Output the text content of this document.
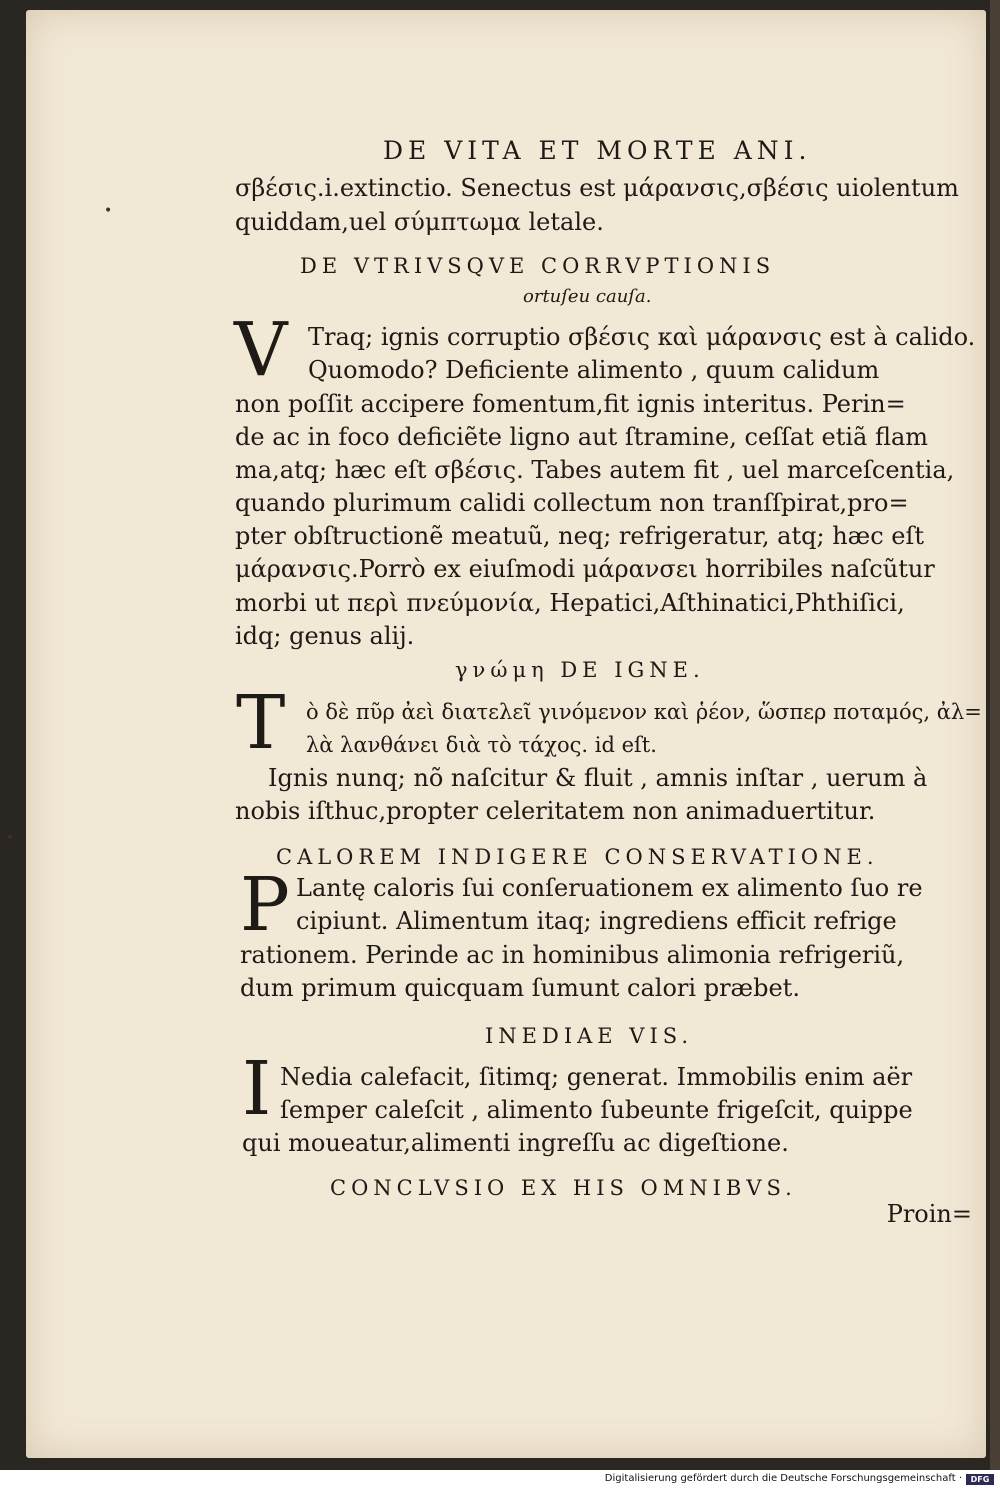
•
•
DE VITA ET MORTE ANI.
σβέσις.i.extinctio. Senectus est μάρανσις,σβέσις uiolentum
quiddam,uel σύμπτωμα letale.
DE VTRIVSQVE CORRVPTIONIS
ortuſeu cauſa.
V Traq; ignis corruptio σβέσις καὶ μάρανσις est à calido.
Quomodo? Deficiente alimento , quum calidum
non poſſit accipere fomentum,fit ignis interitus. Perin=
de ac in foco deficiẽte ligno aut ſtramine, ceſſat etiã flam
ma,atq; hæc eſt σβέσις. Tabes autem fit , uel marceſcentia,
quando plurimum calidi collectum non tranſſpirat,pro=
pter obſtructionẽ meatuũ, neq; refrigeratur, atq; hæc eſt
μάρανσις.Porrò ex eiuſmodi μάρανσει horribiles naſcũtur
morbi ut περὶ πνεύμονία, Hepatici,Aſthinatici,Phthiſici,
idq; genus alij.
γνώμη DE IGNE.
T ὸ δὲ πῦρ ἀεὶ διατελεῖ γινόμενον καὶ ῥέον, ὥσπερ ποταμός, ἀλ=
λὰ λανθάνει διὰ τὸ τάχος. id eſt.
Ignis nunq; nõ naſcitur & fluit , amnis inſtar , uerum à
nobis iſthuc,propter celeritatem non animaduertitur.
CALOREM INDIGERE CONSERVATIONE.
P Lantę caloris ſui conſeruationem ex alimento ſuo re
cipiunt. Alimentum itaq; ingrediens efficit refrige
rationem. Perinde ac in hominibus alimonia refrigeriũ,
dum primum quicquam ſumunt calori præbet.
INEDIAE VIS.
I Nedia calefacit, ſitimq; generat. Immobilis enim aër
ſemper caleſcit , alimento ſubeunte frigeſcit, quippe
qui moueatur,alimenti ingreſſu ac digeſtione.
CONCLVSIO EX HIS OMNIBVS.
Proin=
Digitalisierung gefördert durch die Deutsche Forschungsgemeinschaft ·	DFG
